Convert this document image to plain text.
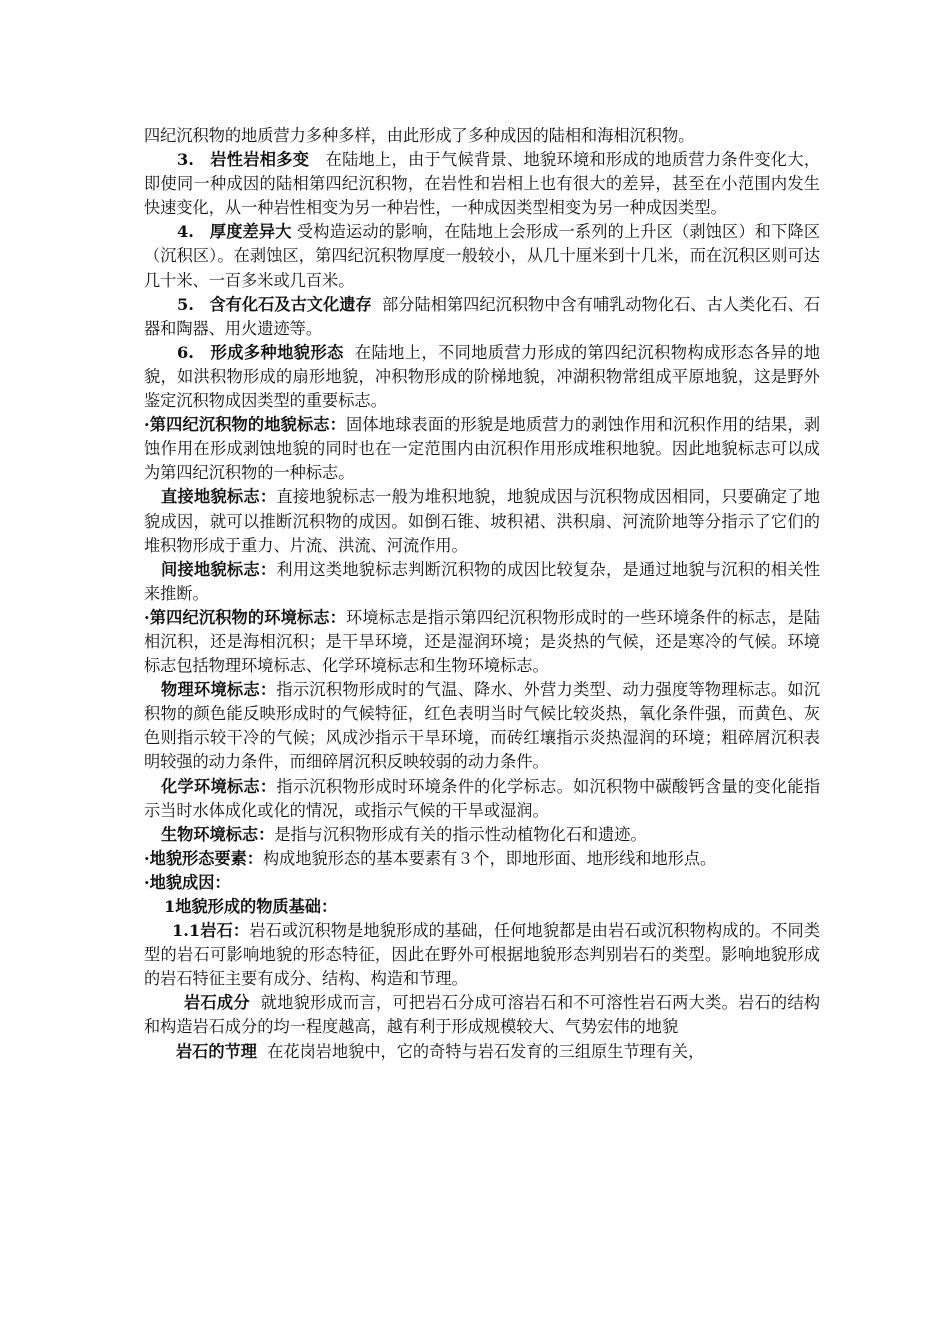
四纪沉积物的地质营力多种多样，由此形成了多种成因的陆相和海相沉积物。

3. 岩性岩相多变 在陆地上，由于气候背景、地貌环境和形成的地质营力条件变化大，即使同一种成因的陆相第四纪沉积物，在岩性和岩相上也有很大的差异，甚至在小范围内发生快速变化，从一种岩性相变为另一种岩性，一种成因类型相变为另一种成因类型。

4. 厚度差异大 受构造运动的影响，在陆地上会形成一系列的上升区（剥蚀区）和下降区（沉积区）。在剥蚀区，第四纪沉积物厚度一般较小，从几十厘米到十几米，而在沉积区则可达几十米、一百多米或几百米。

5. 含有化石及古文化遗存 部分陆相第四纪沉积物中含有哺乳动物化石、古人类化石、石器和陶器、用火遗迹等。

6. 形成多种地貌形态 在陆地上，不同地质营力形成的第四纪沉积物构成形态各异的地貌，如洪积物形成的扇形地貌，冲积物形成的阶梯地貌，冲湖积物常组成平原地貌，这是野外鉴定沉积物成因类型的重要标志。

·第四纪沉积物的地貌标志：固体地球表面的形貌是地质营力的剥蚀作用和沉积作用的结果，剥蚀作用在形成剥蚀地貌的同时也在一定范围内由沉积作用形成堆积地貌。因此地貌标志可以成为第四纪沉积物的一种标志。

直接地貌标志：直接地貌标志一般为堆积地貌，地貌成因与沉积物成因相同，只要确定了地貌成因，就可以推断沉积物的成因。如倒石锥、坡积裙、洪积扇、河流阶地等分指示了它们的堆积物形成于重力、片流、洪流、河流作用。

间接地貌标志：利用这类地貌标志判断沉积物的成因比较复杂，是通过地貌与沉积的相关性来推断。

·第四纪沉积物的环境标志：环境标志是指示第四纪沉积物形成时的一些环境条件的标志，是陆相沉积，还是海相沉积；是干旱环境，还是湿润环境；是炎热的气候，还是寒冷的气候。环境标志包括物理环境标志、化学环境标志和生物环境标志。

物理环境标志：指示沉积物形成时的气温、降水、外营力类型、动力强度等物理标志。如沉积物的颜色能反映形成时的气候特征，红色表明当时气候比较炎热，氧化条件强，而黄色、灰色则指示较干冷的气候；风成沙指示干旱环境，而砖红壤指示炎热湿润的环境；粗碎屑沉积表明较强的动力条件，而细碎屑沉积反映较弱的动力条件。

化学环境标志：指示沉积物形成时环境条件的化学标志。如沉积物中碳酸钙含量的变化能指示当时水体成化或化的情况，或指示气候的干旱或湿润。

生物环境标志：是指与沉积物形成有关的指示性动植物化石和遗迹。

·地貌形态要素：构成地貌形态的基本要素有３个，即地形面、地形线和地形点。

·地貌成因：

1地貌形成的物质基础：

1.1岩石：岩石或沉积物是地貌形成的基础，任何地貌都是由岩石或沉积物构成的。不同类型的岩石可影响地貌的形态特征，因此在野外可根据地貌形态判别岩石的类型。影响地貌形成的岩石特征主要有成分、结构、构造和节理。

岩石成分 就地貌形成而言，可把岩石分成可溶岩石和不可溶性岩石两大类。岩石的结构和构造岩石成分的均一程度越高，越有利于形成规模较大、气势宏伟的地貌

岩石的节理 在花岗岩地貌中，它的奇特与岩石发育的三组原生节理有关，
